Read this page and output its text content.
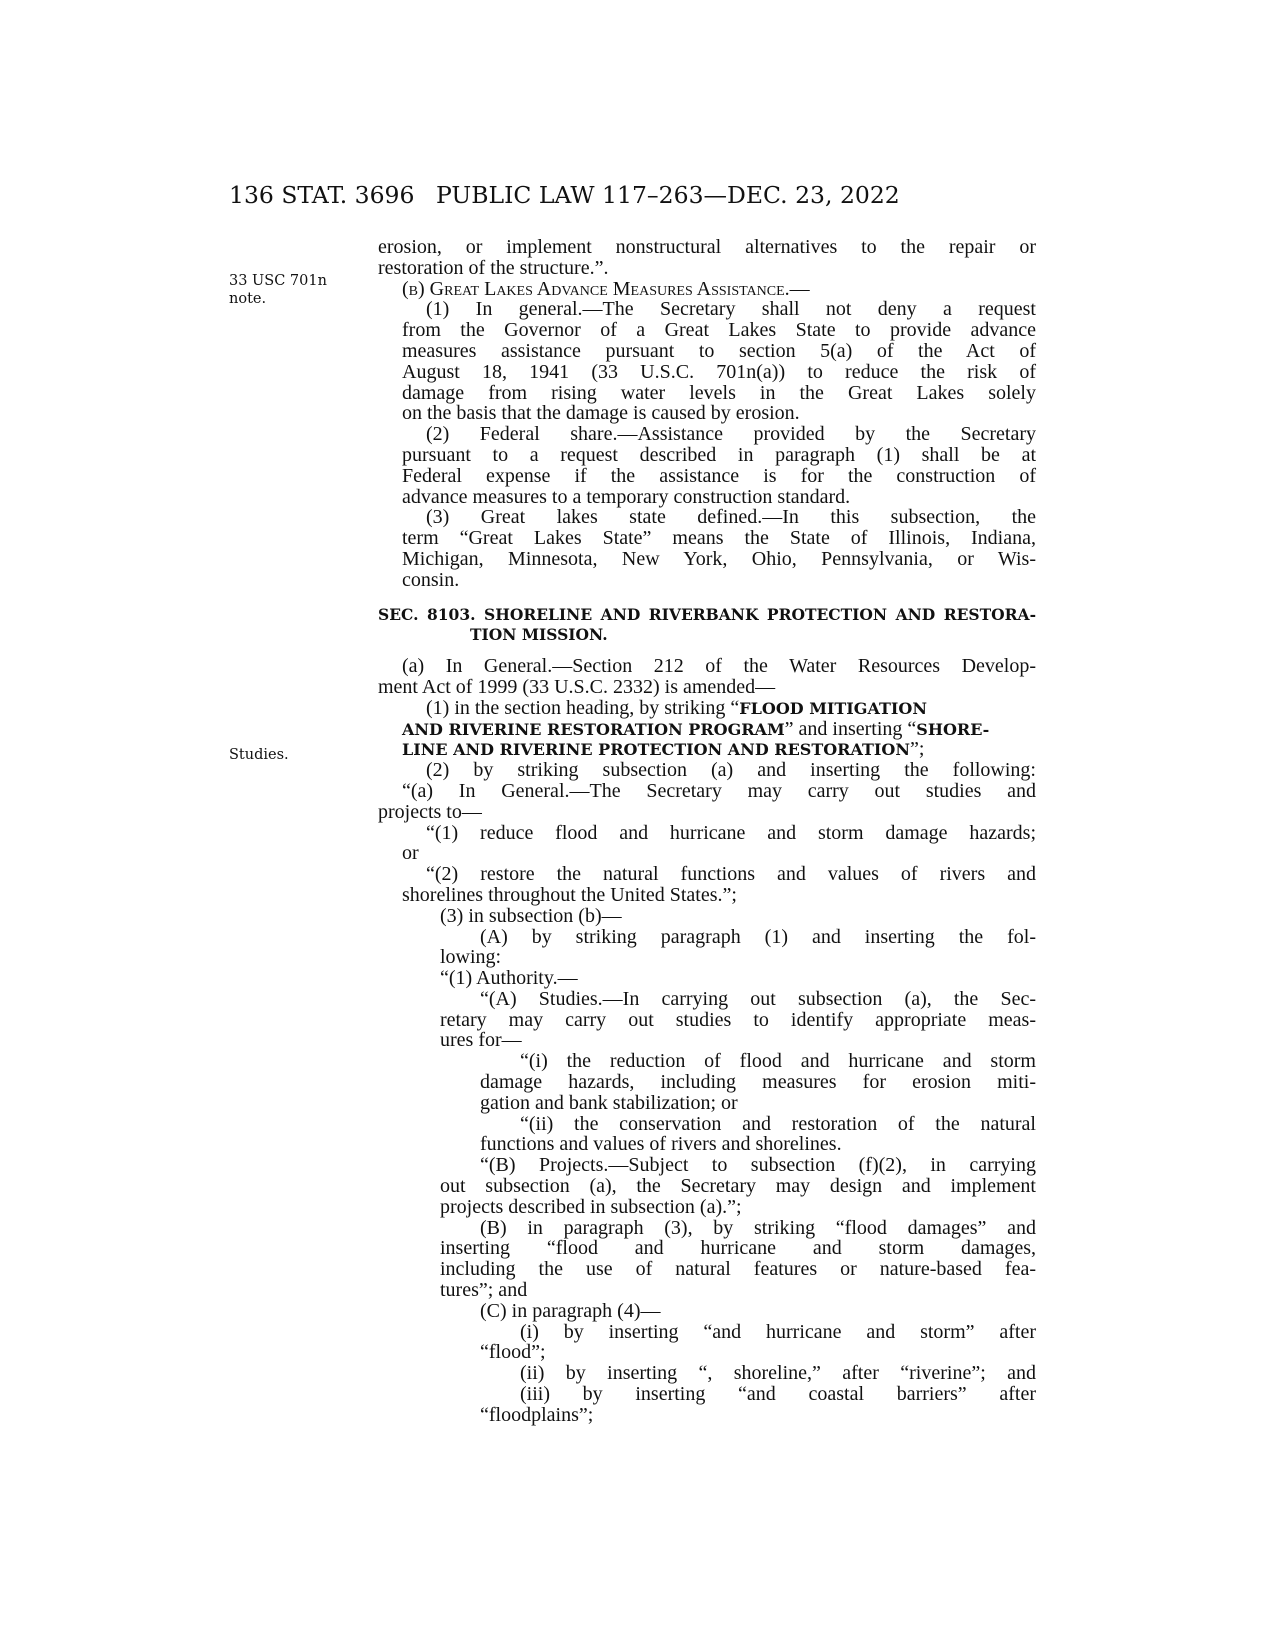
136 STAT. 3696 PUBLIC LAW 117–263—DEC. 23, 2022
33 USC 701n
note.
Studies.
erosion, or implement nonstructural alternatives to the repair or
restoration of the structure.”.
(b) Great Lakes Advance Measures Assistance.—
(1) In general.—The Secretary shall not deny a request
from the Governor of a Great Lakes State to provide advance
measures assistance pursuant to section 5(a) of the Act of
August 18, 1941 (33 U.S.C. 701n(a)) to reduce the risk of
damage from rising water levels in the Great Lakes solely
on the basis that the damage is caused by erosion.
(2) Federal share.—Assistance provided by the Secretary
pursuant to a request described in paragraph (1) shall be at
Federal expense if the assistance is for the construction of
advance measures to a temporary construction standard.
(3) Great lakes state defined.—In this subsection, the
term “Great Lakes State” means the State of Illinois, Indiana,
Michigan, Minnesota, New York, Ohio, Pennsylvania, or Wis-
consin.
SEC. 8103. SHORELINE AND RIVERBANK PROTECTION AND RESTORA-
TION MISSION.
(a) In General.—Section 212 of the Water Resources Develop-
ment Act of 1999 (33 U.S.C. 2332) is amended—
(1) in the section heading, by striking “FLOOD MITIGATION
AND RIVERINE RESTORATION PROGRAM” and inserting “SHORE-
LINE AND RIVERINE PROTECTION AND RESTORATION”;
(2) by striking subsection (a) and inserting the following:
“(a) In General.—The Secretary may carry out studies and
projects to—
“(1) reduce flood and hurricane and storm damage hazards;
or
“(2) restore the natural functions and values of rivers and
shorelines throughout the United States.”;
(3) in subsection (b)—
(A) by striking paragraph (1) and inserting the fol-
lowing:
“(1) Authority.—
“(A) Studies.—In carrying out subsection (a), the Sec-
retary may carry out studies to identify appropriate meas-
ures for—
“(i) the reduction of flood and hurricane and storm
damage hazards, including measures for erosion miti-
gation and bank stabilization; or
“(ii) the conservation and restoration of the natural
functions and values of rivers and shorelines.
“(B) Projects.—Subject to subsection (f)(2), in carrying
out subsection (a), the Secretary may design and implement
projects described in subsection (a).”;
(B) in paragraph (3), by striking “flood damages” and
inserting “flood and hurricane and storm damages,
including the use of natural features or nature-based fea-
tures”; and
(C) in paragraph (4)—
(i) by inserting “and hurricane and storm” after
“flood”;
(ii) by inserting “, shoreline,” after “riverine”; and
(iii) by inserting “and coastal barriers” after
“floodplains”;
